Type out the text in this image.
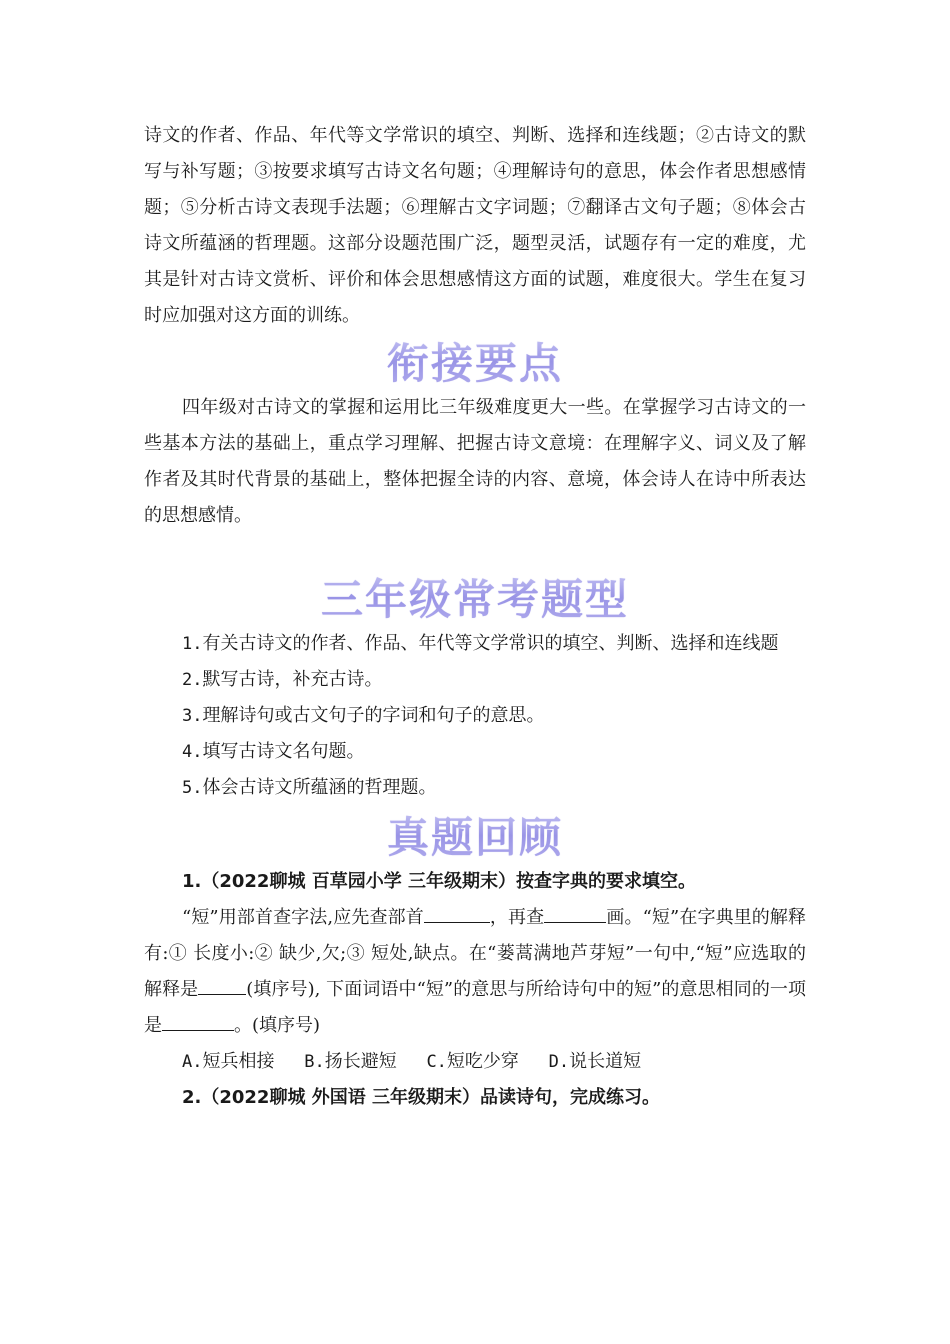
诗文的作者、作品、年代等文学常识的填空、判断、选择和连线题；②古诗文的默写与补写题；③按要求填写古诗文名句题；④理解诗句的意思，体会作者思想感情题；⑤分析古诗文表现手法题；⑥理解古文字词题；⑦翻译古文句子题；⑧体会古诗文所蕴涵的哲理题。这部分设题范围广泛，题型灵活，试题存有一定的难度，尤其是针对古诗文赏析、评价和体会思想感情这方面的试题，难度很大。学生在复习时应加强对这方面的训练。

衔接要点

四年级对古诗文的掌握和运用比三年级难度更大一些。在掌握学习古诗文的一些基本方法的基础上，重点学习理解、把握古诗文意境：在理解字义、词义及了解作者及其时代背景的基础上，整体把握全诗的内容、意境，体会诗人在诗中所表达的思想感情。

三年级常考题型

1.有关古诗文的作者、作品、年代等文学常识的填空、判断、选择和连线题

2.默写古诗，补充古诗。

3.理解诗句或古文句子的字词和句子的意思。

4.填写古诗文名句题。

5.体会古诗文所蕴涵的哲理题。

真题回顾

1.（2022聊城 百草园小学 三年级期末）按查字典的要求填空。

“短”用部首查字法,应先查部首	，再查	画。“短”在字典里的解释有:① 长度小:② 缺少,欠;③ 短处,缺点。在“蒌蒿满地芦芽短”一句中,“短”应选取的解释是	(填序号), 下面词语中“短”的意思与所给诗句中的短”的意思相同的一项是	。(填序号)

A.短兵相接 B.扬长避短 C.短吃少穿 D.说长道短

2.（2022聊城 外国语 三年级期末）品读诗句，完成练习。
